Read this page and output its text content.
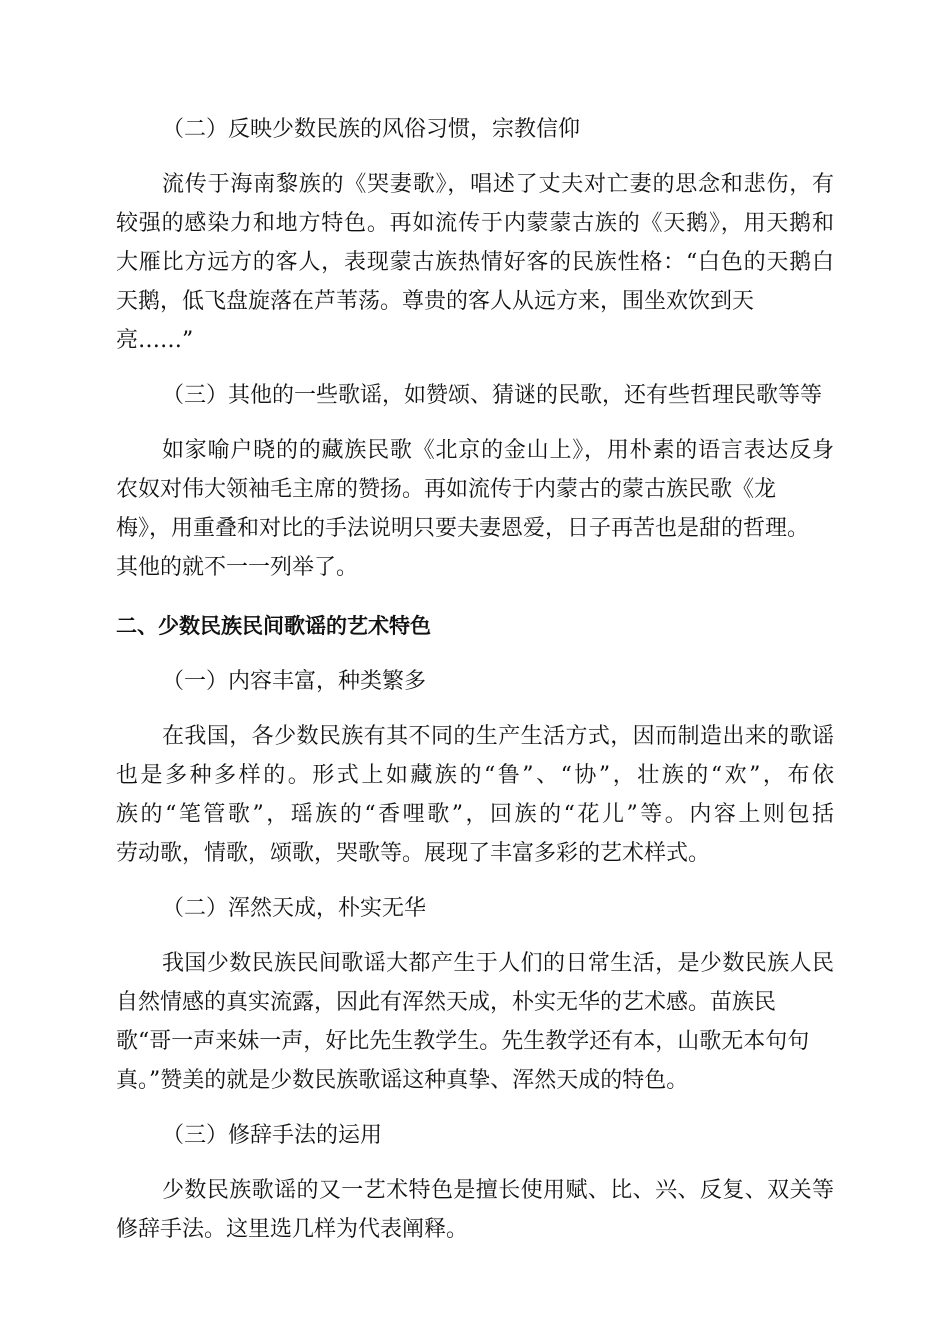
（二）反映少数民族的风俗习惯，宗教信仰
流传于海南黎族的《哭妻歌》，唱述了丈夫对亡妻的思念和悲伤，有
较强的感染力和地方特色。再如流传于内蒙蒙古族的《天鹅》，用天鹅和
大雁比方远方的客人，表现蒙古族热情好客的民族性格：“白色的天鹅白
天鹅，低飞盘旋落在芦苇荡。尊贵的客人从远方来，围坐欢饮到天
亮……”
（三）其他的一些歌谣，如赞颂、猜谜的民歌，还有些哲理民歌等等
如家喻户晓的的藏族民歌《北京的金山上》，用朴素的语言表达反身
农奴对伟大领袖毛主席的赞扬。再如流传于内蒙古的蒙古族民歌《龙
梅》，用重叠和对比的手法说明只要夫妻恩爱，日子再苦也是甜的哲理。
其他的就不一一列举了。
二、少数民族民间歌谣的艺术特色
（一）内容丰富，种类繁多
在我国，各少数民族有其不同的生产生活方式，因而制造出来的歌谣
也是多种多样的。形式上如藏族的“鲁”、“协”，壮族的“欢”，布依
族的“笔管歌”，瑶族的“香哩歌”，回族的“花儿”等。内容上则包括
劳动歌，情歌，颂歌，哭歌等。展现了丰富多彩的艺术样式。
（二）浑然天成，朴实无华
我国少数民族民间歌谣大都产生于人们的日常生活，是少数民族人民
自然情感的真实流露，因此有浑然天成，朴实无华的艺术感。苗族民
歌“哥一声来妹一声，好比先生教学生。先生教学还有本，山歌无本句句
真。”赞美的就是少数民族歌谣这种真挚、浑然天成的特色。
（三）修辞手法的运用
少数民族歌谣的又一艺术特色是擅长使用赋、比、兴、反复、双关等
修辞手法。这里选几样为代表阐释。
